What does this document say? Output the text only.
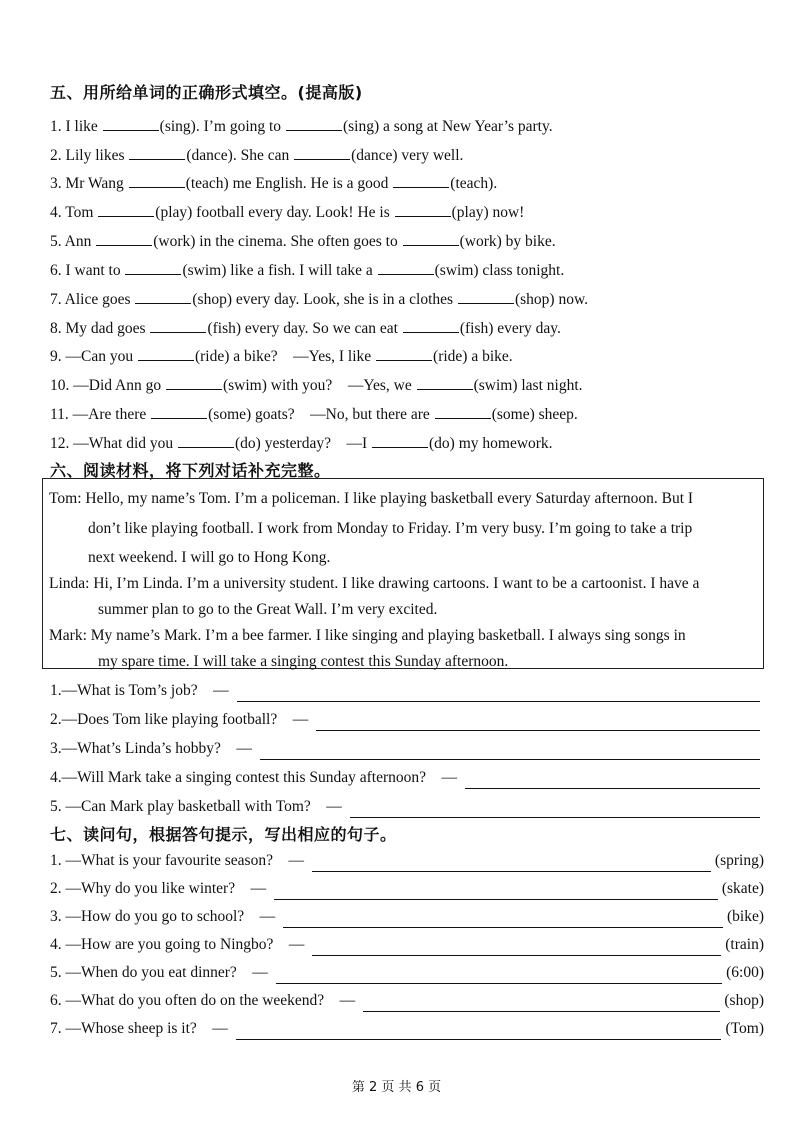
五、用所给单词的正确形式填空。(提高版)
1. I like	(sing). I’m going to	(sing) a song at New Year’s party.
2. Lily likes	(dance). She can	(dance) very well.
3. Mr Wang	(teach) me English. He is a good	(teach).
4. Tom	(play) football every day. Look! He is	(play) now!
5. Ann	(work) in the cinema. She often goes to	(work) by bike.
6. I want to	(swim) like a fish. I will take a	(swim) class tonight.
7. Alice goes	(shop) every day. Look, she is in a clothes	(shop) now.
8. My dad goes	(fish) every day. So we can eat	(fish) every day.
9. —Can you	(ride) a bike?    —Yes, I like	(ride) a bike.
10. —Did Ann go	(swim) with you?    —Yes, we	(swim) last night.
11. —Are there	(some) goats?    —No, but there are	(some) sheep.
12. —What did you	(do) yesterday?    —I	(do) my homework.
六、阅读材料，将下列对话补充完整。
Tom: Hello, my name’s Tom. I’m a policeman. I like playing basketball every Saturday afternoon. But I
don’t like playing football. I work from Monday to Friday. I’m very busy. I’m going to take a trip
next weekend. I will go to Hong Kong.
Linda: Hi, I’m Linda. I’m a university student. I like drawing cartoons. I want to be a cartoonist. I have a
summer plan to go to the Great Wall. I’m very excited.
Mark: My name’s Mark. I’m a bee farmer. I like singing and playing basketball. I always sing songs in
my spare time. I will take a singing contest this Sunday afternoon.
1.—What is Tom’s job?    —
2.—Does Tom like playing football?    —
3.—What’s Linda’s hobby?    —
4.—Will Mark take a singing contest this Sunday afternoon?    —
5. —Can Mark play basketball with Tom?    —
七、读问句，根据答句提示，写出相应的句子。
1. —What is your favourite season?    —	(spring)
2. —Why do you like winter?    —	(skate)
3. —How do you go to school?    —	(bike)
4. —How are you going to Ningbo?    —	(train)
5. —When do you eat dinner?    —	(6:00)
6. —What do you often do on the weekend?    —	(shop)
7. —Whose sheep is it?    —	(Tom)
第 2 页 共 6 页
